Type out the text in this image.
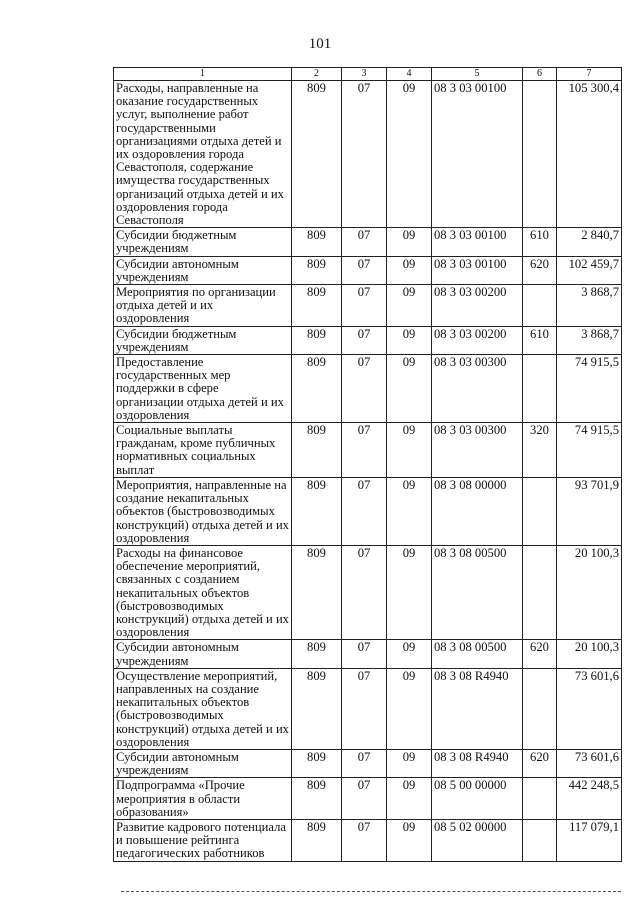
101
1	2	3	4	5	6	7
Расходы, направленные на оказание государственных услуг, выполнение работ государственными организациями отдыха детей и их оздоровления города Севастополя, содержание имущества государственных организаций отдыха детей и их оздоровления города Севастополя	809	07	09	08 3 03 00100		105 300,4
Субсидии бюджетным учреждениям	809	07	09	08 3 03 00100	610	2 840,7
Субсидии автономным учреждениям	809	07	09	08 3 03 00100	620	102 459,7
Мероприятия по организации отдыха детей и их оздоровления	809	07	09	08 3 03 00200		3 868,7
Субсидии бюджетным учреждениям	809	07	09	08 3 03 00200	610	3 868,7
Предоставление государственных мер поддержки в сфере организации отдыха детей и их оздоровления	809	07	09	08 3 03 00300		74 915,5
Социальные выплаты гражданам, кроме публичных нормативных социальных выплат	809	07	09	08 3 03 00300	320	74 915,5
Мероприятия, направленные на создание некапитальных объектов (быстровозводимых конструкций) отдыха детей и их оздоровления	809	07	09	08 3 08 00000		93 701,9
Расходы на финансовое обеспечение мероприятий, связанных с созданием некапитальных объектов (быстровозводимых конструкций) отдыха детей и их оздоровления	809	07	09	08 3 08 00500		20 100,3
Субсидии автономным учреждениям	809	07	09	08 3 08 00500	620	20 100,3
Осуществление мероприятий, направленных на создание некапитальных объектов (быстровозводимых конструкций) отдыха детей и их оздоровления	809	07	09	08 3 08 R4940		73 601,6
Субсидии автономным учреждениям	809	07	09	08 3 08 R4940	620	73 601,6
Подпрограмма «Прочие мероприятия в области образования»	809	07	09	08 5 00 00000		442 248,5
Развитие кадрового потенциала и повышение рейтинга педагогических работников	809	07	09	08 5 02 00000		117 079,1
